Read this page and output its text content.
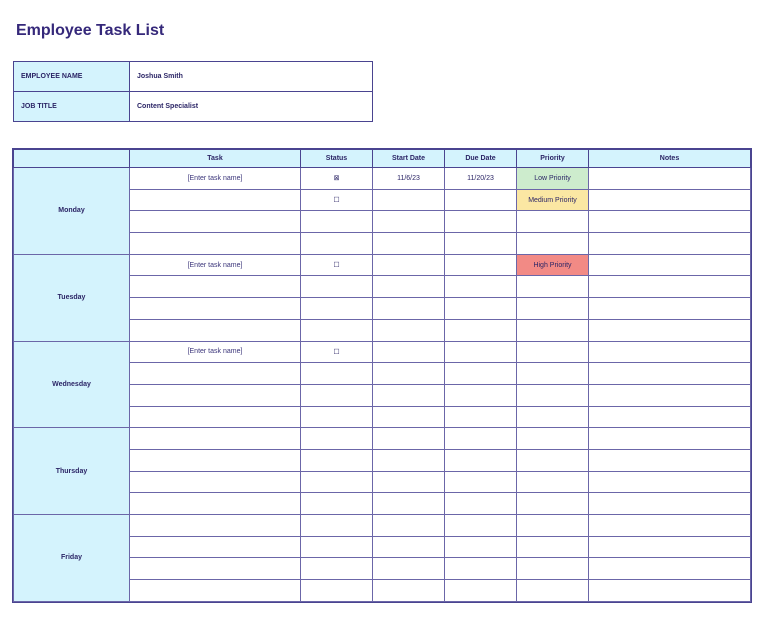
Employee Task List
EMPLOYEE NAME	Joshua Smith
JOB TITLE	Content Specialist
	Task	Status	Start Date	Due Date	Priority	Notes
Monday	[Enter task name]	⊠	11/6/23	11/20/23	Low Priority	
		☐			Medium Priority	

Tuesday	[Enter task name]	☐			High Priority	

Wednesday	[Enter task name]	☐				

Thursday						

Friday						
